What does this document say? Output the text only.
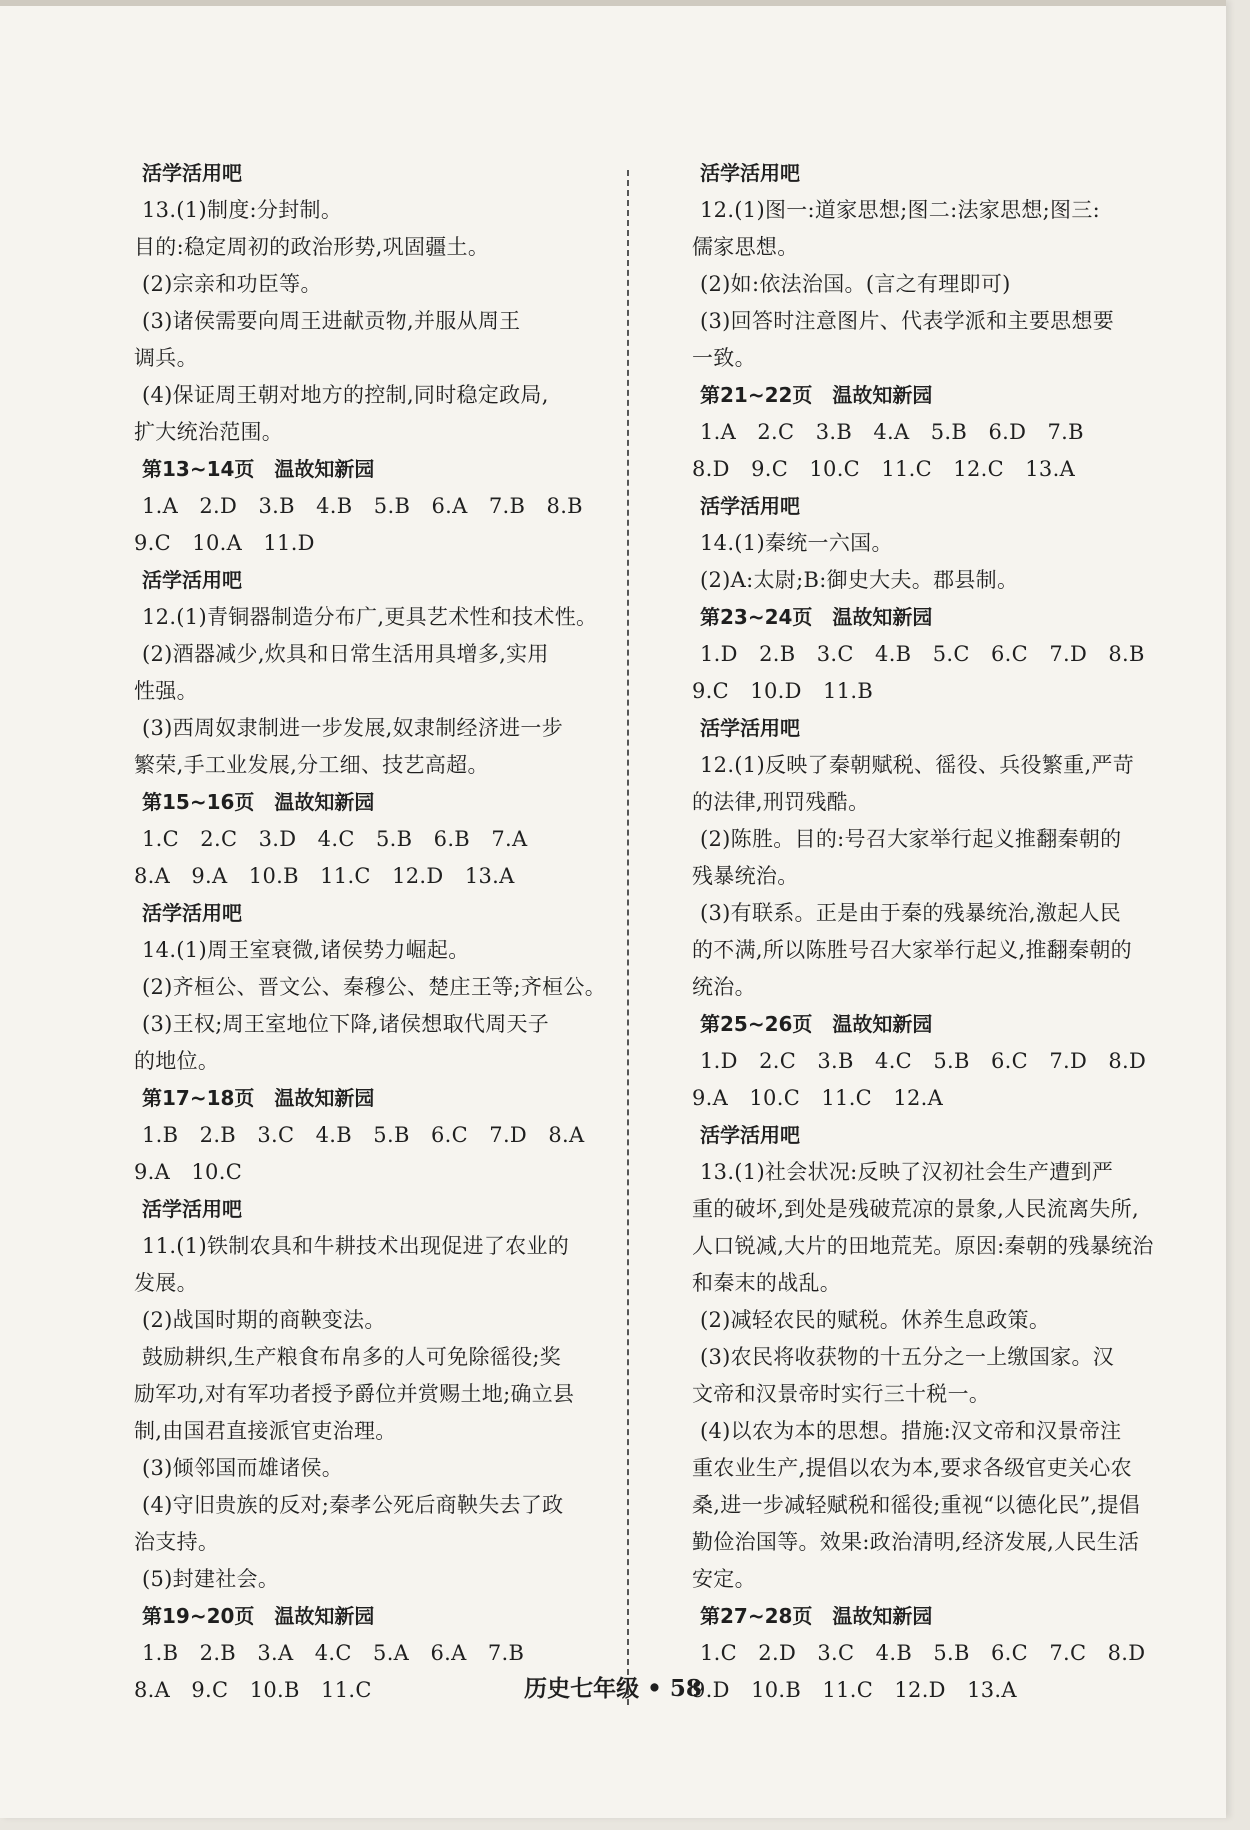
活学活用吧
13.(1)制度:分封制。
目的:稳定周初的政治形势,巩固疆土。
(2)宗亲和功臣等。
(3)诸侯需要向周王进献贡物,并服从周王
调兵。
(4)保证周王朝对地方的控制,同时稳定政局,
扩大统治范围。
第13~14页　温故知新园
1.A　2.D　3.B　4.B　5.B　6.A　7.B　8.B
9.C　10.A　11.D
活学活用吧
12.(1)青铜器制造分布广,更具艺术性和技术性。
(2)酒器减少,炊具和日常生活用具增多,实用
性强。
(3)西周奴隶制进一步发展,奴隶制经济进一步
繁荣,手工业发展,分工细、技艺高超。
第15~16页　温故知新园
1.C　2.C　3.D　4.C　5.B　6.B　7.A
8.A　9.A　10.B　11.C　12.D　13.A
活学活用吧
14.(1)周王室衰微,诸侯势力崛起。
(2)齐桓公、晋文公、秦穆公、楚庄王等;齐桓公。
(3)王权;周王室地位下降,诸侯想取代周天子
的地位。
第17~18页　温故知新园
1.B　2.B　3.C　4.B　5.B　6.C　7.D　8.A
9.A　10.C
活学活用吧
11.(1)铁制农具和牛耕技术出现促进了农业的
发展。
(2)战国时期的商鞅变法。
鼓励耕织,生产粮食布帛多的人可免除徭役;奖
励军功,对有军功者授予爵位并赏赐土地;确立县
制,由国君直接派官吏治理。
(3)倾邻国而雄诸侯。
(4)守旧贵族的反对;秦孝公死后商鞅失去了政
治支持。
(5)封建社会。
第19~20页　温故知新园
1.B　2.B　3.A　4.C　5.A　6.A　7.B
8.A　9.C　10.B　11.C
活学活用吧
12.(1)图一:道家思想;图二:法家思想;图三:
儒家思想。
(2)如:依法治国。(言之有理即可)
(3)回答时注意图片、代表学派和主要思想要
一致。
第21~22页　温故知新园
1.A　2.C　3.B　4.A　5.B　6.D　7.B
8.D　9.C　10.C　11.C　12.C　13.A
活学活用吧
14.(1)秦统一六国。
(2)A:太尉;B:御史大夫。郡县制。
第23~24页　温故知新园
1.D　2.B　3.C　4.B　5.C　6.C　7.D　8.B
9.C　10.D　11.B
活学活用吧
12.(1)反映了秦朝赋税、徭役、兵役繁重,严苛
的法律,刑罚残酷。
(2)陈胜。目的:号召大家举行起义推翻秦朝的
残暴统治。
(3)有联系。正是由于秦的残暴统治,激起人民
的不满,所以陈胜号召大家举行起义,推翻秦朝的
统治。
第25~26页　温故知新园
1.D　2.C　3.B　4.C　5.B　6.C　7.D　8.D
9.A　10.C　11.C　12.A
活学活用吧
13.(1)社会状况:反映了汉初社会生产遭到严
重的破坏,到处是残破荒凉的景象,人民流离失所,
人口锐减,大片的田地荒芜。原因:秦朝的残暴统治
和秦末的战乱。
(2)减轻农民的赋税。休养生息政策。
(3)农民将收获物的十五分之一上缴国家。汉
文帝和汉景帝时实行三十税一。
(4)以农为本的思想。措施:汉文帝和汉景帝注
重农业生产,提倡以农为本,要求各级官吏关心农
桑,进一步减轻赋税和徭役;重视“以德化民”,提倡
勤俭治国等。效果:政治清明,经济发展,人民生活
安定。
第27~28页　温故知新园
1.C　2.D　3.C　4.B　5.B　6.C　7.C　8.D
9.D　10.B　11.C　12.D　13.A
历史七年级 • 58
